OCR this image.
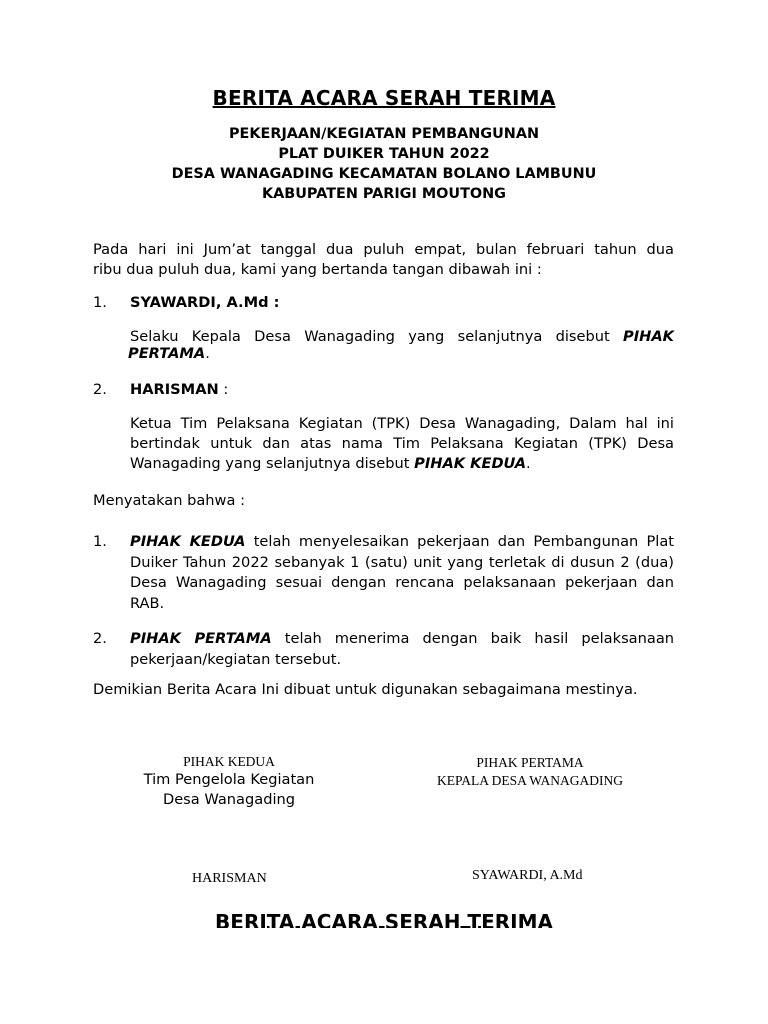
BERITA ACARA SERAH TERIMA
PEKERJAAN/KEGIATAN PEMBANGUNAN
PLAT DUIKER TAHUN 2022
DESA WANAGADING KECAMATAN BOLANO LAMBUNU
KABUPATEN PARIGI MOUTONG
Pada hari ini Jum’at tanggal dua puluh empat, bulan februari tahun dua
ribu dua puluh dua, kami yang bertanda tangan dibawah ini :
1. SYAWARDI, A.Md :
Selaku Kepala Desa Wanagading yang selanjutnya disebut PIHAK
PERTAMA.
2. HARISMAN :
Ketua Tim Pelaksana Kegiatan (TPK) Desa Wanagading, Dalam hal ini
bertindak untuk dan atas nama Tim Pelaksana Kegiatan (TPK) Desa
Wanagading yang selanjutnya disebut PIHAK KEDUA.
Menyatakan bahwa :
1. PIHAK KEDUA telah menyelesaikan pekerjaan dan Pembangunan Plat Duiker Tahun 2022 sebanyak 1 (satu) unit yang terletak di dusun 2 (dua) Desa Wanagading sesuai dengan rencana pelaksanaan pekerjaan dan RAB.
2. PIHAK PERTAMA telah menerima dengan baik hasil pelaksanaan pekerjaan/kegiatan tersebut.
Demikian Berita Acara Ini dibuat untuk digunakan sebagaimana mestinya.
PIHAK KEDUA
Tim Pengelola Kegiatan
Desa Wanagading
PIHAK PERTAMA
KEPALA DESA WANAGADING
HARISMAN	SYAWARDI, A.Md
BERITA ACARA SERAH TERIMA
